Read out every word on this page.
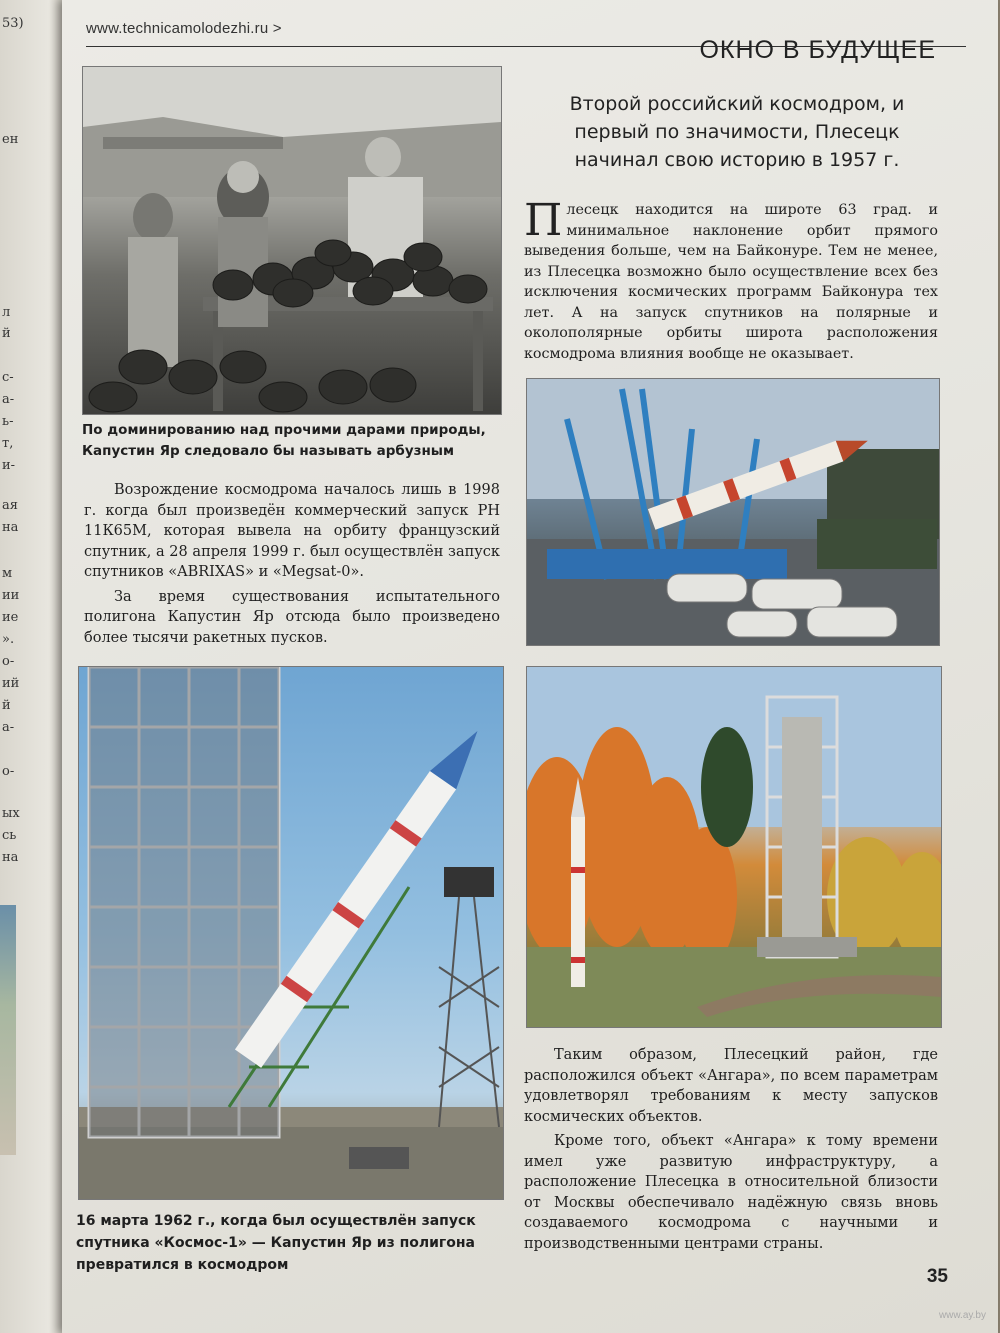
53)
ен
л
й
с-
а-
ь-
т,
и-
ая
на
м
ии
ие
».
о-
ий
й
а-
о-
ых
сь
на
www.technicamolodezhi.ru >
ОКНО В БУДУЩЕЕ
По доминированию над прочими дарами природы, Капустин Яр следовало бы называть арбузным

Возрождение космодрома началось лишь в 1998 г. когда был произведён коммерческий запуск РН 11К65М, которая вывела на орбиту французский спутник, а 28 апреля 1999 г. был осуществлён запуск спутников «ABRIXAS» и «Megsat-0».

За время существования испытательного полигона Капустин Яр отсюда было произведено более тысячи ракетных пусков.

16 марта 1962 г., когда был осуществлён запуск спутника «Космос-1» — Капустин Яр из полигона превратился в космодром
Второй российский космодром, и первый по значимости, Плесецк начинал свою историю в 1957 г.

Плесецк находится на широте 63 град. и минимальное наклонение орбит прямого выведения больше, чем на Байконуре. Тем не менее, из Плесецка возможно было осуществление всех без исключения космических программ Байконура тех лет. А на запуск спутников на полярные и околополярные орбиты широта расположения космодрома влияния вообще не оказывает.

Таким образом, Плесецкий район, где расположился объект «Ангара», по всем параметрам удовлетворял требованиям к месту запусков космических объектов.

Кроме того, объект «Ангара» к тому времени имел уже развитую инфраструктуру, а расположение Плесецка в относительной близости от Москвы обеспечивало надёжную связь вновь создаваемого космодрома с научными и производственными центрами страны.

35
www.ay.by
